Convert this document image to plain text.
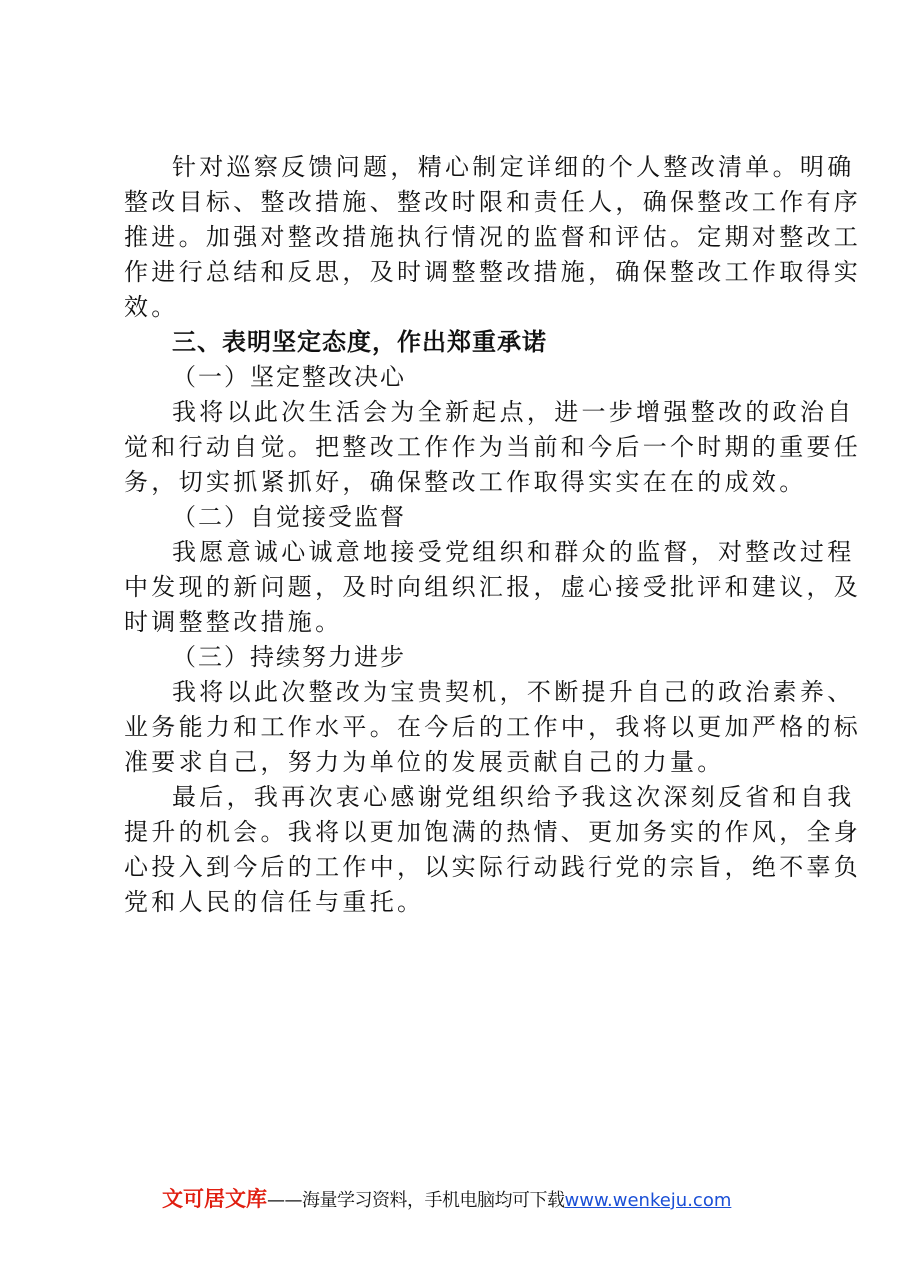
针对巡察反馈问题，精心制定详细的个人整改清单。明确
整改目标、整改措施、整改时限和责任人，确保整改工作有序
推进。加强对整改措施执行情况的监督和评估。定期对整改工
作进行总结和反思，及时调整整改措施，确保整改工作取得实
效。
三、表明坚定态度，作出郑重承诺
（一）坚定整改决心
我将以此次生活会为全新起点，进一步增强整改的政治自
觉和行动自觉。把整改工作作为当前和今后一个时期的重要任
务，切实抓紧抓好，确保整改工作取得实实在在的成效。
（二）自觉接受监督
我愿意诚心诚意地接受党组织和群众的监督，对整改过程
中发现的新问题，及时向组织汇报，虚心接受批评和建议，及
时调整整改措施。
（三）持续努力进步
我将以此次整改为宝贵契机，不断提升自己的政治素养、
业务能力和工作水平。在今后的工作中，我将以更加严格的标
准要求自己，努力为单位的发展贡献自己的力量。
最后，我再次衷心感谢党组织给予我这次深刻反省和自我
提升的机会。我将以更加饱满的热情、更加务实的作风，全身
心投入到今后的工作中，以实际行动践行党的宗旨，绝不辜负
党和人民的信任与重托。
文可居文库——海量学习资料，手机电脑均可下载www.wenkeju.com
